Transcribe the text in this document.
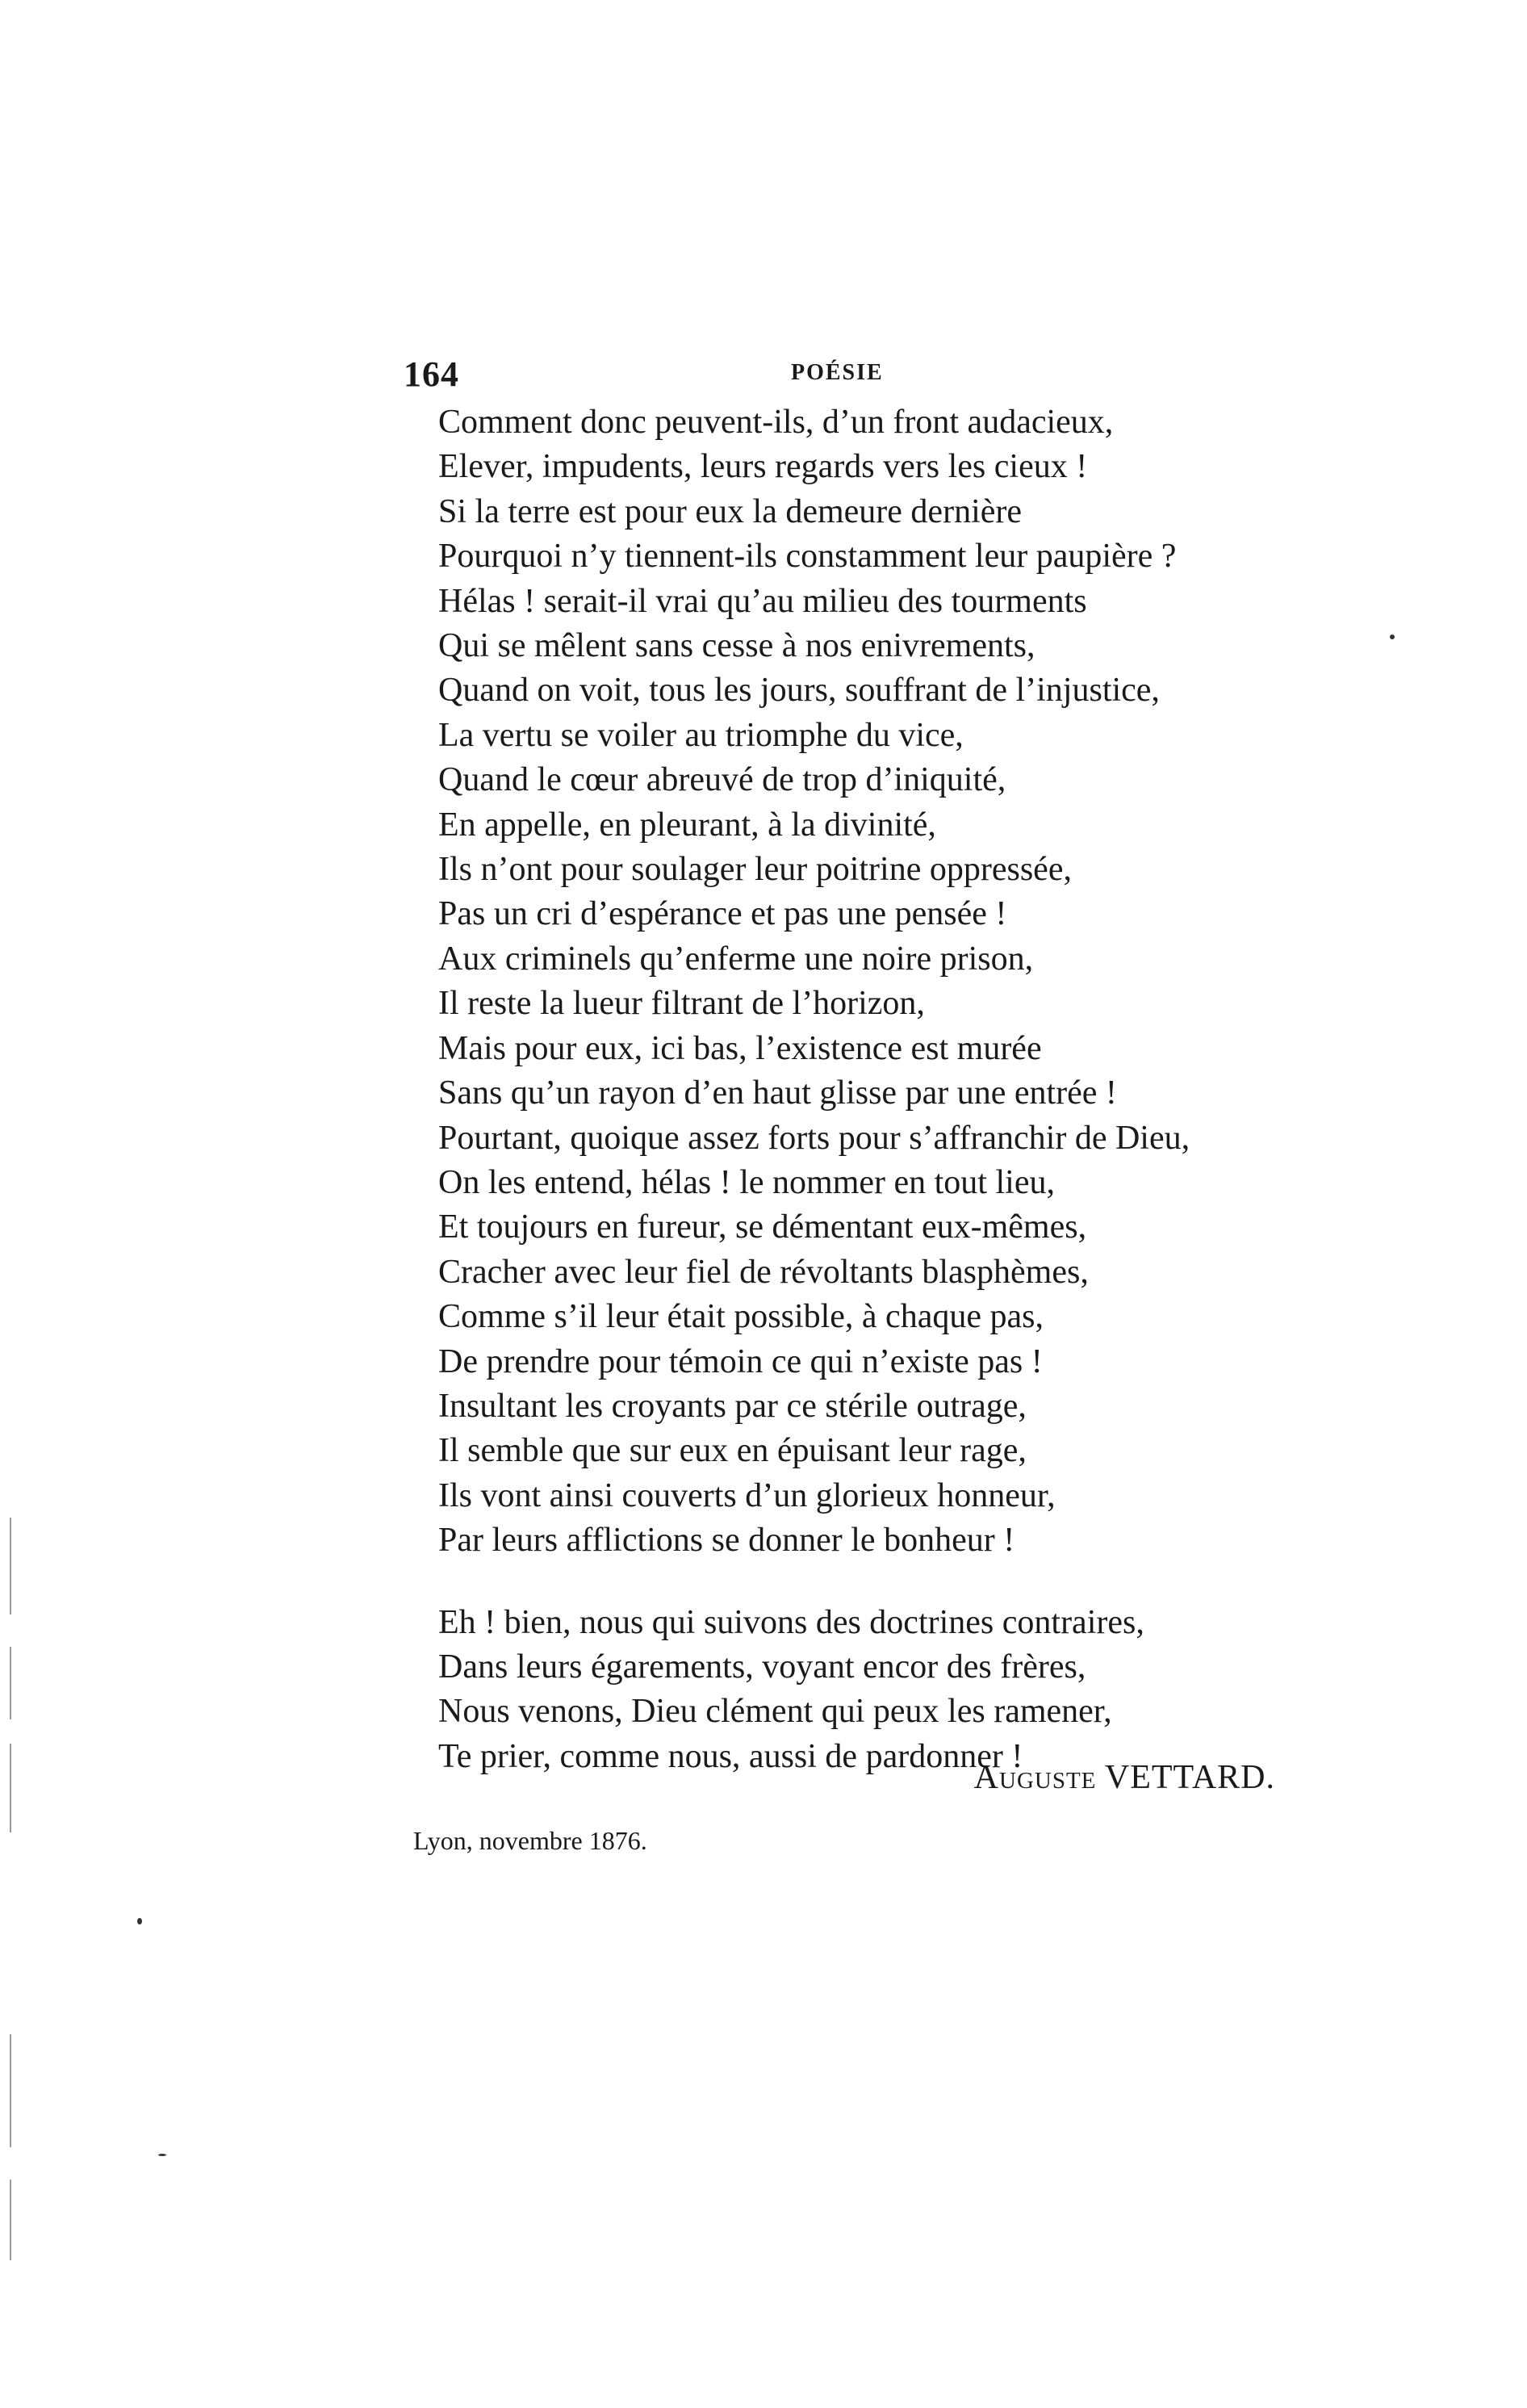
164	POÉSIE
Comment donc peuvent-ils, d’un front audacieux,
Elever, impudents, leurs regards vers les cieux !
Si la terre est pour eux la demeure dernière
Pourquoi n’y tiennent-ils constamment leur paupière ?
Hélas ! serait-il vrai qu’au milieu des tourments
Qui se mêlent sans cesse à nos enivrements,
Quand on voit, tous les jours, souffrant de l’injustice,
La vertu se voiler au triomphe du vice,
Quand le cœur abreuvé de trop d’iniquité,
En appelle, en pleurant, à la divinité,
Ils n’ont pour soulager leur poitrine oppressée,
Pas un cri d’espérance et pas une pensée !
Aux criminels qu’enferme une noire prison,
Il reste la lueur filtrant de l’horizon,
Mais pour eux, ici bas, l’existence est murée
Sans qu’un rayon d’en haut glisse par une entrée !
Pourtant, quoique assez forts pour s’affranchir de Dieu,
On les entend, hélas ! le nommer en tout lieu,
Et toujours en fureur, se démentant eux-mêmes,
Cracher avec leur fiel de révoltants blasphèmes,
Comme s’il leur était possible, à chaque pas,
De prendre pour témoin ce qui n’existe pas !
Insultant les croyants par ce stérile outrage,
Il semble que sur eux en épuisant leur rage,
Ils vont ainsi couverts d’un glorieux honneur,
Par leurs afflictions se donner le bonheur !
Eh ! bien, nous qui suivons des doctrines contraires,
Dans leurs égarements, voyant encor des frères,
Nous venons, Dieu clément qui peux les ramener,
Te prier, comme nous, aussi de pardonner !
Auguste VETTARD.
Lyon, novembre 1876.
